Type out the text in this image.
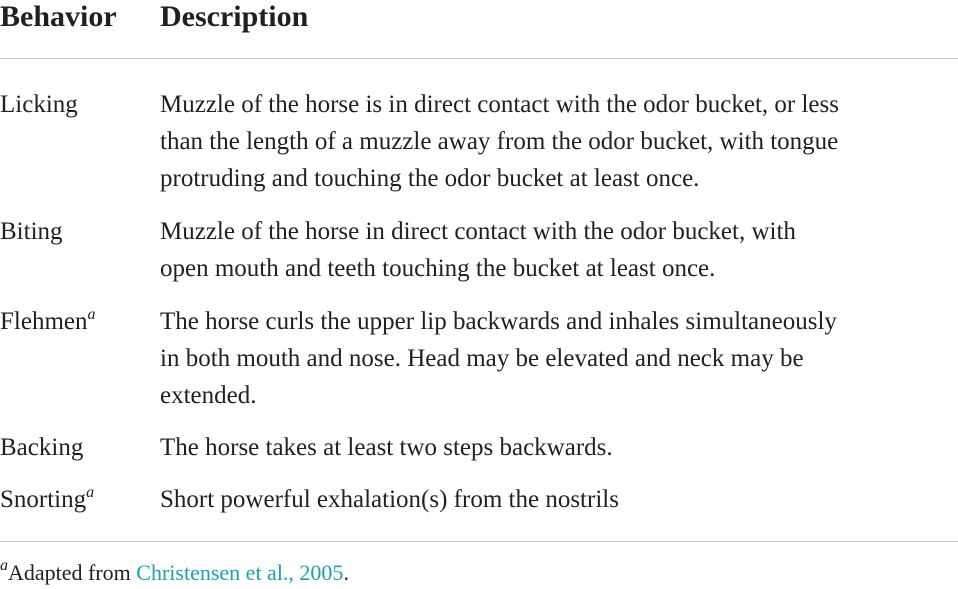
Behavior Description
Licking	Muzzle of the horse is in direct contact with the odor bucket, or less
than the length of a muzzle away from the odor bucket, with tongue
protruding and touching the odor bucket at least once.
Biting	Muzzle of the horse in direct contact with the odor bucket, with
open mouth and teeth touching the bucket at least once.
Flehmen$^a$	The horse curls the upper lip backwards and inhales simultaneously
in both mouth and nose. Head may be elevated and neck may be
extended.
Backing	The horse takes at least two steps backwards.
Snorting$^a$	Short powerful exhalation(s) from the nostrils
$^a$Adapted from Christensen et al., 2005.
